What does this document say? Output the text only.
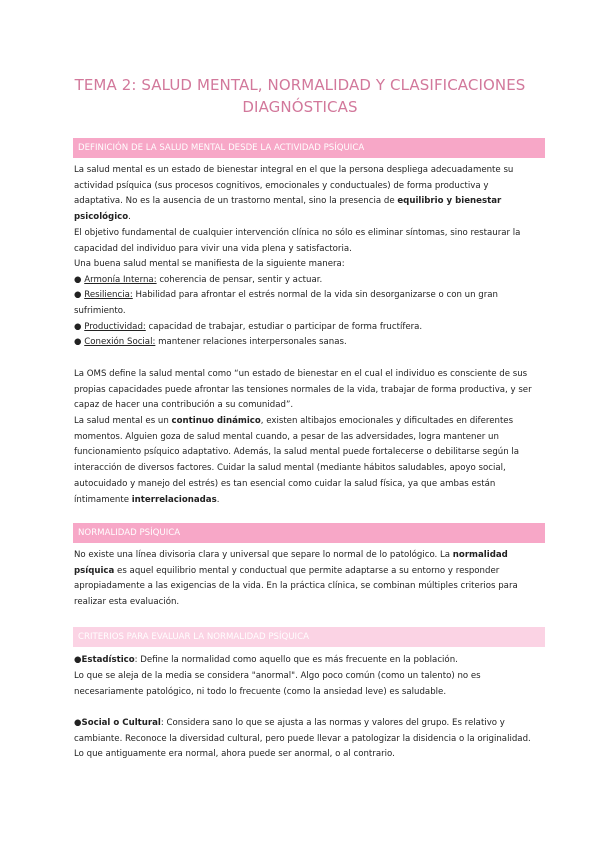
TEMA 2: SALUD MENTAL, NORMALIDAD Y CLASIFICACIONES
DIAGNÓSTICAS
DEFINICIÓN DE LA SALUD MENTAL DESDE LA ACTIVIDAD PSÍQUICA
La salud mental es un estado de bienestar integral en el que la persona despliega adecuadamente su actividad psíquica (sus procesos cognitivos, emocionales y conductuales) de forma productiva y adaptativa. No es la ausencia de un trastorno mental, sino la presencia de equilibrio y bienestar psicológico.
El objetivo fundamental de cualquier intervención clínica no sólo es eliminar síntomas, sino restaurar la capacidad del individuo para vivir una vida plena y satisfactoria.
Una buena salud mental se manifiesta de la siguiente manera:
● Armonía Interna: coherencia de pensar, sentir y actuar.
● Resiliencia: Habilidad para afrontar el estrés normal de la vida sin desorganizarse o con un gran sufrimiento.
● Productividad: capacidad de trabajar, estudiar o participar de forma fructífera.
● Conexión Social: mantener relaciones interpersonales sanas.
La OMS define la salud mental como “un estado de bienestar en el cual el individuo es consciente de sus propias capacidades puede afrontar las tensiones normales de la vida, trabajar de forma productiva, y ser capaz de hacer una contribución a su comunidad”.
La salud mental es un continuo dinámico, existen altibajos emocionales y dificultades en diferentes momentos. Alguien goza de salud mental cuando, a pesar de las adversidades, logra mantener un funcionamiento psíquico adaptativo. Además, la salud mental puede fortalecerse o debilitarse según la interacción de diversos factores. Cuidar la salud mental (mediante hábitos saludables, apoyo social, autocuidado y manejo del estrés) es tan esencial como cuidar la salud física, ya que ambas están íntimamente interrelacionadas.
NORMALIDAD PSÍQUICA
No existe una línea divisoria clara y universal que separe lo normal de lo patológico. La normalidad psíquica es aquel equilibrio mental y conductual que permite adaptarse a su entorno y responder apropiadamente a las exigencias de la vida. En la práctica clínica, se combinan múltiples criterios para realizar esta evaluación.
CRITERIOS PARA EVALUAR LA NORMALIDAD PSÍQUICA
●Estadístico: Define la normalidad como aquello que es más frecuente en la población.
Lo que se aleja de la media se considera "anormal". Algo poco común (como un talento) no es necesariamente patológico, ni todo lo frecuente (como la ansiedad leve) es saludable.
●Social o Cultural: Considera sano lo que se ajusta a las normas y valores del grupo. Es relativo y cambiante. Reconoce la diversidad cultural, pero puede llevar a patologizar la disidencia o la originalidad. Lo que antiguamente era normal, ahora puede ser anormal, o al contrario.
